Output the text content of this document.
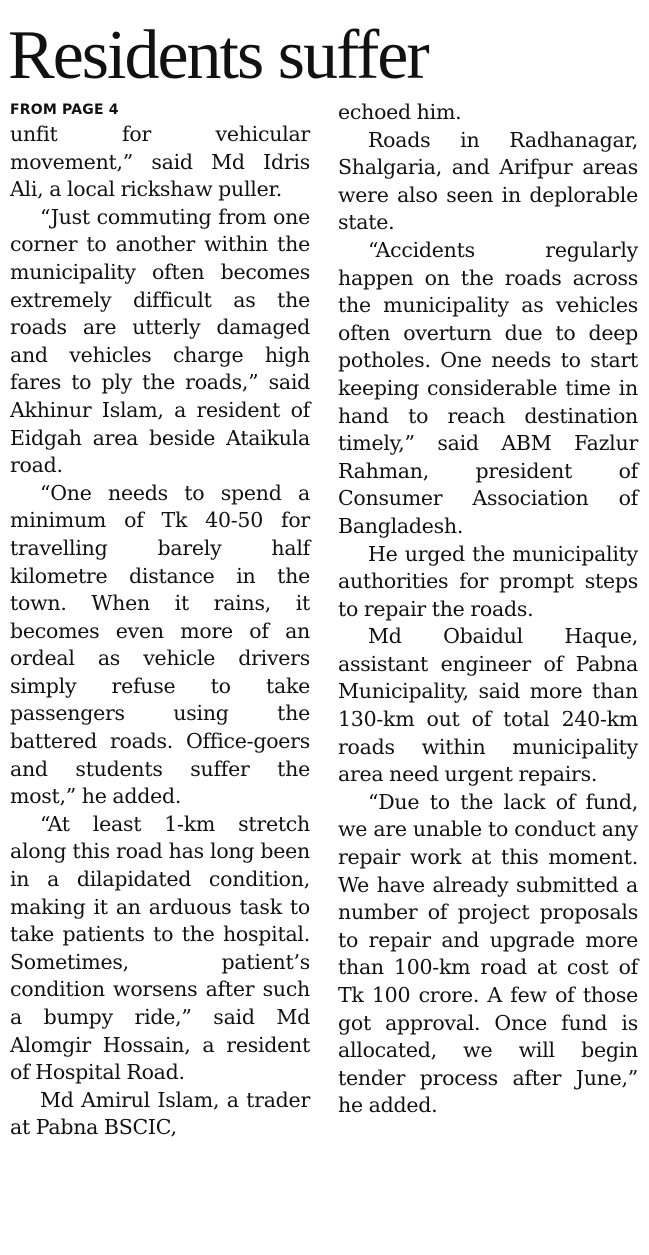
Residents suffer
FROM PAGE 4

unfit for vehicular movement,” said Md Idris Ali, a local rickshaw puller.

“Just commuting from one corner to another within the municipality often becomes extremely difficult as the roads are utterly damaged and vehicles charge high fares to ply the roads,” said Akhinur Islam, a resident of Eidgah area beside Ataikula road.

“One needs to spend a minimum of Tk 40-50 for travelling barely half kilometre distance in the town. When it rains, it becomes even more of an ordeal as vehicle drivers simply refuse to take passengers using the battered roads. Office-goers and students suffer the most,” he added.

“At least 1-km stretch along this road has long been in a dilapidated condition, making it an arduous task to take patients to the hospital. Sometimes, patient’s condition worsens after such a bumpy ride,” said Md Alomgir Hossain, a resident of Hospital Road.

Md Amirul Islam, a trader at Pabna BSCIC,

echoed him.

Roads in Radhanagar, Shalgaria, and Arifpur areas were also seen in deplorable state.

“Accidents regularly happen on the roads across the municipality as vehicles often overturn due to deep potholes. One needs to start keeping considerable time in hand to reach destination timely,” said ABM Fazlur Rahman, president of Consumer Association of Bangladesh.

He urged the municipality authorities for prompt steps to repair the roads.

Md Obaidul Haque, assistant engineer of Pabna Municipality, said more than 130-km out of total 240-km roads within municipality area need urgent repairs.

“Due to the lack of fund, we are unable to conduct any repair work at this moment. We have already submitted a number of project proposals to repair and upgrade more than 100-km road at cost of Tk 100 crore. A few of those got approval. Once fund is allocated, we will begin tender process after June,” he added.
